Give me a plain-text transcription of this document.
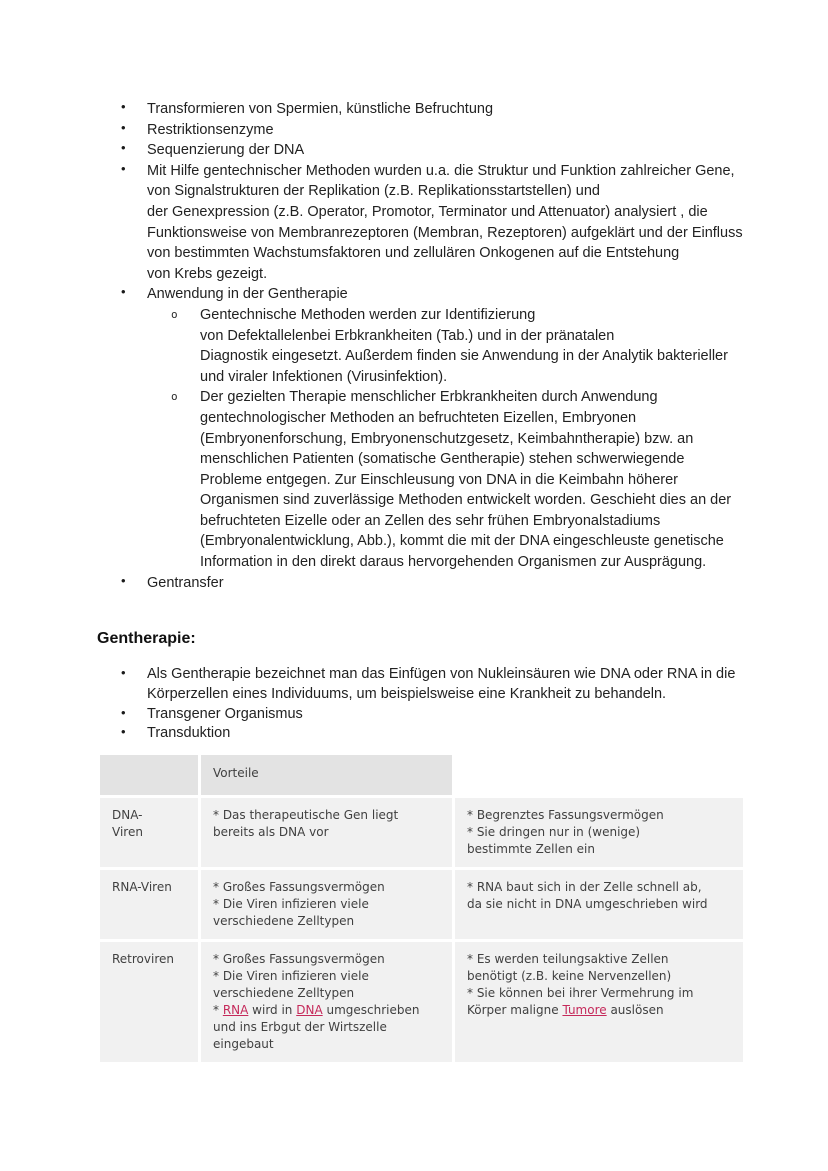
• Transformieren von Spermien, künstliche Befruchtung
• Restriktionsenzyme
• Sequenzierung der DNA
• Mit Hilfe gentechnischer Methoden wurden u.a. die Struktur und Funktion zahlreicher Gene,
von Signalstrukturen der Replikation (z.B. Replikationsstartstellen) und
der Genexpression (z.B. Operator, Promotor, Terminator und Attenuator) analysiert , die
Funktionsweise von Membranrezeptoren (Membran, Rezeptoren) aufgeklärt und der Einfluss
von bestimmten Wachstumsfaktoren und zellulären Onkogenen auf die Entstehung
von Krebs gezeigt.
• Anwendung in der Gentherapie
o Gentechnische Methoden werden zur Identifizierung
von Defektallelenbei Erbkrankheiten (Tab.) und in der pränatalen
Diagnostik eingesetzt. Außerdem finden sie Anwendung in der Analytik bakterieller
und viraler Infektionen (Virusinfektion).
o Der gezielten Therapie menschlicher Erbkrankheiten durch Anwendung
gentechnologischer Methoden an befruchteten Eizellen, Embryonen
(Embryonenforschung, Embryonenschutzgesetz, Keimbahntherapie) bzw. an
menschlichen Patienten (somatische Gentherapie) stehen schwerwiegende
Probleme entgegen. Zur Einschleusung von DNA in die Keimbahn höherer
Organismen sind zuverlässige Methoden entwickelt worden. Geschieht dies an der
befruchteten Eizelle oder an Zellen des sehr frühen Embryonalstadiums
(Embryonalentwicklung, Abb.), kommt die mit der DNA eingeschleuste genetische
Information in den direkt daraus hervorgehenden Organismen zur Ausprägung.
• Gentransfer
Gentherapie:
• Als Gentherapie bezeichnet man das Einfügen von Nukleinsäuren wie DNA oder RNA in die
Körperzellen eines Individuums, um beispielsweise eine Krankheit zu behandeln.
• Transgener Organismus
• Transduktion
Vorteile
DNA-
Viren
* Das therapeutische Gen liegt
bereits als DNA vor
* Begrenztes Fassungsvermögen
* Sie dringen nur in (wenige)
bestimmte Zellen ein
RNA-Viren	* Großes Fassungsvermögen
* Die Viren infizieren viele
verschiedene Zelltypen
* RNA baut sich in der Zelle schnell ab,
da sie nicht in DNA umgeschrieben wird
Retroviren	* Großes Fassungsvermögen
* Die Viren infizieren viele
verschiedene Zelltypen
* RNA wird in DNA umgeschrieben
und ins Erbgut der Wirtszelle
eingebaut
* Es werden teilungsaktive Zellen
benötigt (z.B. keine Nervenzellen)
* Sie können bei ihrer Vermehrung im
Körper maligne Tumore auslösen
